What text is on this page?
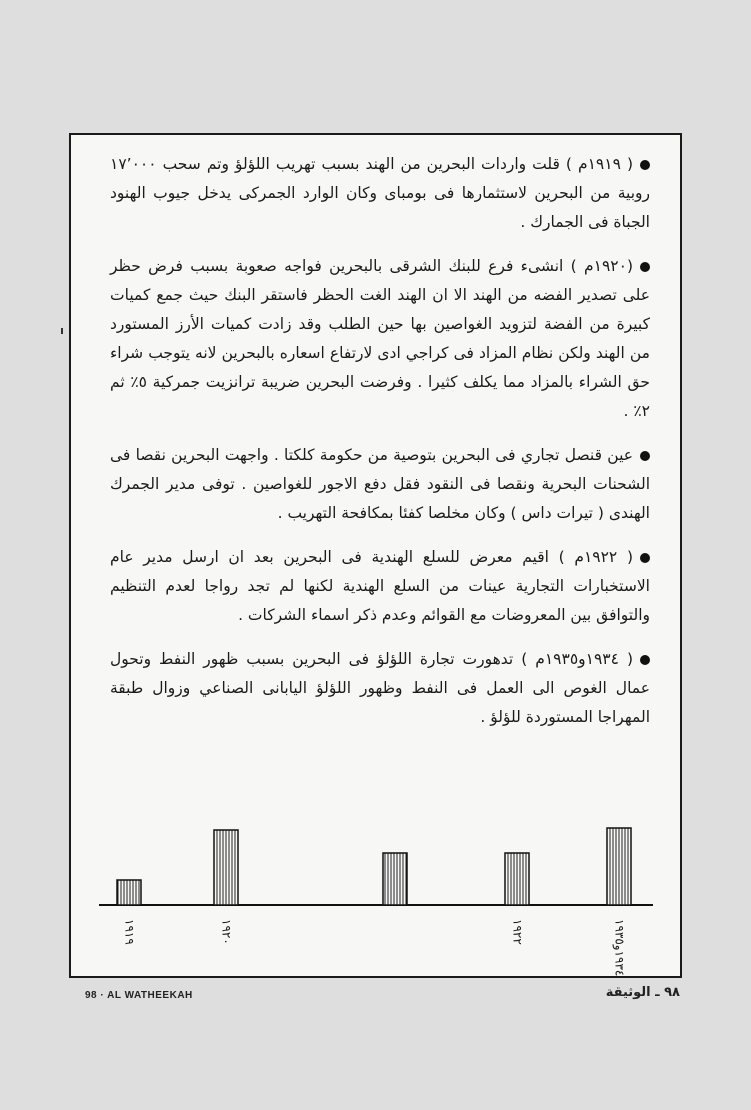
( ١٩١٩م ) قلت واردات البحرين من الهند بسبب تهريب اللؤلؤ وتم سحب ١٧٬٠٠٠ روبية من البحرين لاستثمارها فى بومباى وكان الوارد الجمركى يدخل جيوب الهنود الجباة فى الجمارك .

(١٩٢٠م ) انشىء فرع للبنك الشرقى بالبحرين فواجه صعوبة بسبب فرض حظر على تصدير الفضه من الهند الا ان الهند الغت الحظر فاستقر البنك حيث جمع كميات كبيرة من الفضة لتزويد الغواصين بها حين الطلب وقد زادت كميات الأرز المستورد من الهند ولكن نظام المزاد فى كراجي ادى لارتفاع اسعاره بالبحرين لانه يتوجب شراء حق الشراء بالمزاد مما يكلف كثيرا . وفرضت البحرين ضريبة ترانزيت جمركية ٥٪ ثم ٢٪ .

عين قنصل تجاري فى البحرين بتوصية من حكومة كلكتا . واجهت البحرين نقصا فى الشحنات البحرية ونقصا فى النقود فقل دفع الاجور للغواصين . توفى مدير الجمرك الهندى ( تيرات داس ) وكان مخلصا كفئا بمكافحة التهريب .

( ١٩٢٢م ) اقيم معرض للسلع الهندية فى البحرين بعد ان ارسل مدير عام الاستخبارات التجارية عينات من السلع الهندية لكنها لم تجد رواجا لعدم التنظيم والتوافق بين المعروضات مع القوائم وعدم ذكر اسماء الشركات .

( ١٩٣٤و١٩٣٥م ) تدهورت تجارة اللؤلؤ فى البحرين بسبب ظهور النفط وتحول عمال الغوص الى العمل فى النفط وظهور اللؤلؤ اليابانى الصناعي وزوال طبقة المهراجا المستوردة للؤلؤ .

١٩١٩	١٩٢٠	١٩٢٢	١٩٣٤و١٩٣٥
98 · AL WATHEEKAH	٩٨ ـ الوثيقة
